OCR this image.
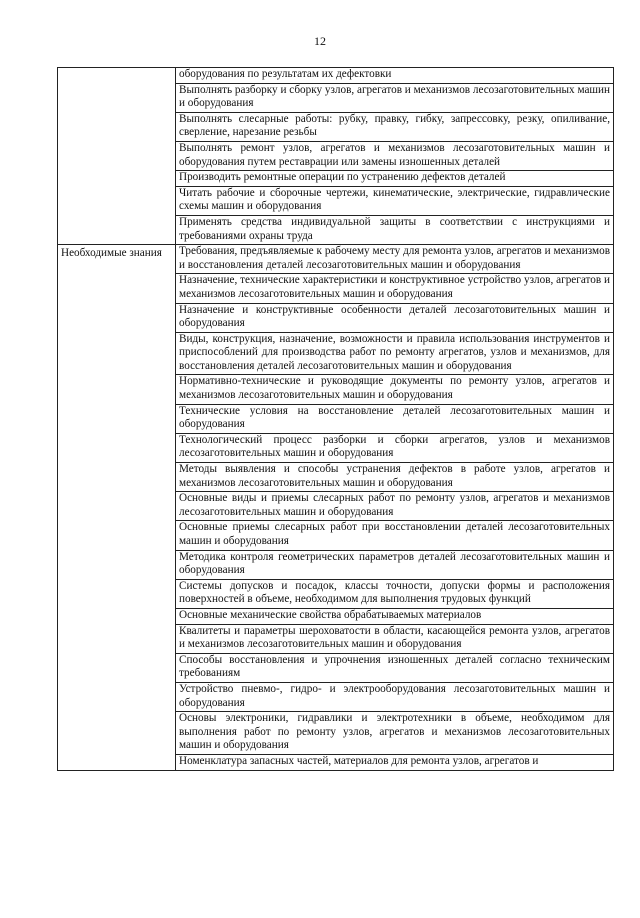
12
	оборудования по результатам их дефектовки
	Выполнять разборку и сборку узлов, агрегатов и механизмов лесозаготовительных машин и оборудования
	Выполнять слесарные работы: рубку, правку, гибку, запрессовку, резку, опиливание, сверление, нарезание резьбы
	Выполнять ремонт узлов, агрегатов и механизмов лесозаготовительных машин и оборудования путем реставрации или замены изношенных деталей
	Производить ремонтные операции по устранению дефектов деталей
	Читать рабочие и сборочные чертежи, кинематические, электрические, гидравлические схемы машин и оборудования
	Применять средства индивидуальной защиты в соответствии с инструкциями и требованиями охраны труда
Необходимые знания	Требования, предъявляемые к рабочему месту для ремонта узлов, агрегатов и механизмов и восстановления деталей лесозаготовительных машин и оборудования
	Назначение, технические характеристики и конструктивное устройство узлов, агрегатов и механизмов лесозаготовительных машин и оборудования
	Назначение и конструктивные особенности деталей лесозаготовительных машин и оборудования
	Виды, конструкция, назначение, возможности и правила использования инструментов и приспособлений для производства работ по ремонту агрегатов, узлов и механизмов, для восстановления деталей лесозаготовительных машин и оборудования
	Нормативно-технические и руководящие документы по ремонту узлов, агрегатов и механизмов лесозаготовительных машин и оборудования
	Технические условия на восстановление деталей лесозаготовительных машин и оборудования
	Технологический процесс разборки и сборки агрегатов, узлов и механизмов лесозаготовительных машин и оборудования
	Методы выявления и способы устранения дефектов в работе узлов, агрегатов и механизмов лесозаготовительных машин и оборудования
	Основные виды и приемы слесарных работ по ремонту узлов, агрегатов и механизмов лесозаготовительных машин и оборудования
	Основные приемы слесарных работ при восстановлении деталей лесозаготовительных машин и оборудования
	Методика контроля геометрических параметров деталей лесозаготовительных машин и оборудования
	Системы допусков и посадок, классы точности, допуски формы и расположения поверхностей в объеме, необходимом для выполнения трудовых функций
	Основные механические свойства обрабатываемых материалов
	Квалитеты и параметры шероховатости в области, касающейся ремонта узлов, агрегатов и механизмов лесозаготовительных машин и оборудования
	Способы восстановления и упрочнения изношенных деталей согласно техническим требованиям
	Устройство пневмо-, гидро- и электрооборудования лесозаготовительных машин и оборудования
	Основы электроники, гидравлики и электротехники в объеме, необходимом для выполнения работ по ремонту узлов, агрегатов и механизмов лесозаготовительных машин и оборудования
	Номенклатура запасных частей, материалов для ремонта узлов, агрегатов и
